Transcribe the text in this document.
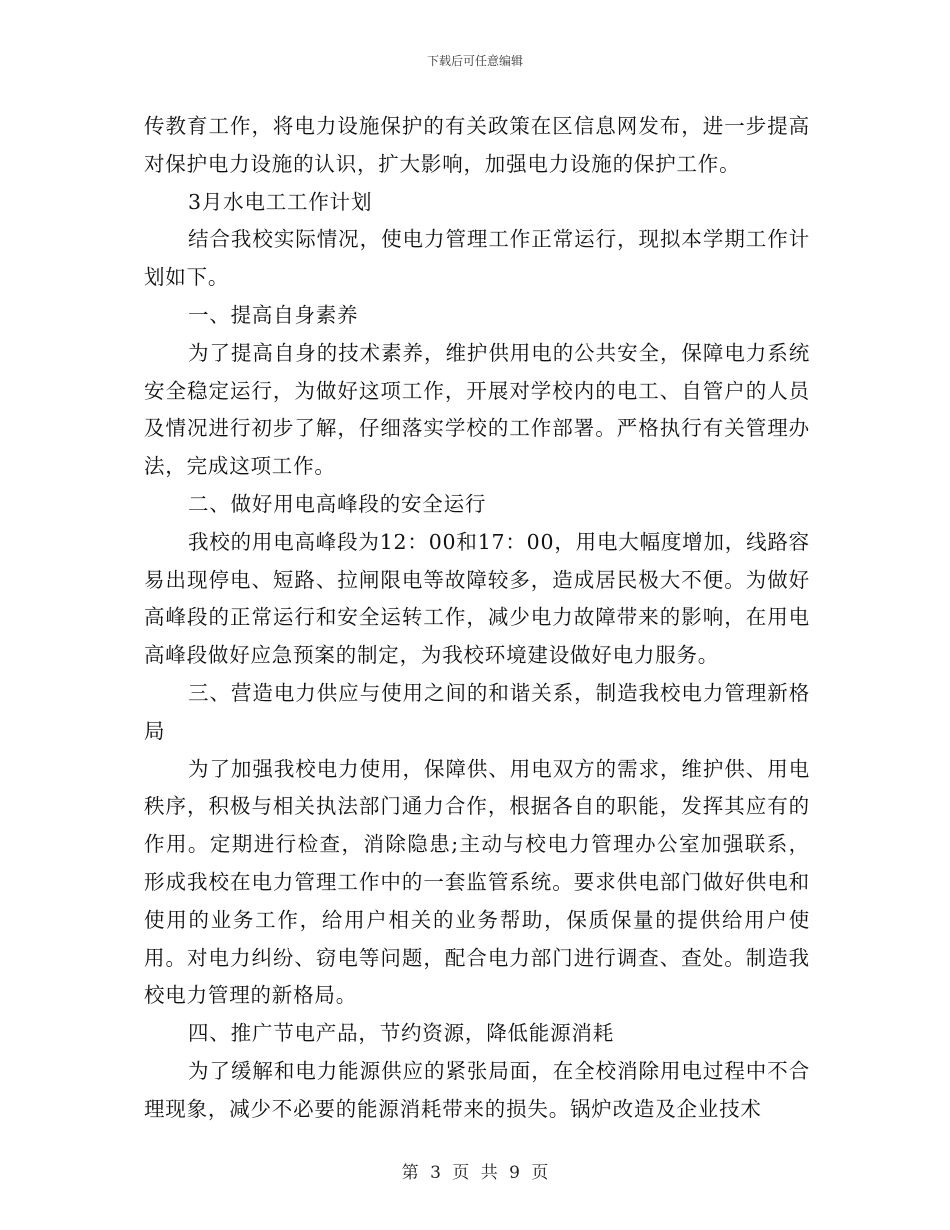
下载后可任意编辑

传教育工作，将电力设施保护的有关政策在区信息网发布，进一步提高对保护电力设施的认识，扩大影响，加强电力设施的保护工作。

3月水电工工作计划

结合我校实际情况，使电力管理工作正常运行，现拟本学期工作计划如下。

一、提高自身素养

为了提高自身的技术素养，维护供用电的公共安全，保障电力系统安全稳定运行，为做好这项工作，开展对学校内的电工、自管户的人员及情况进行初步了解，仔细落实学校的工作部署。严格执行有关管理办法，完成这项工作。

二、做好用电高峰段的安全运行

我校的用电高峰段为12：00和17：00，用电大幅度增加，线路容易出现停电、短路、拉闸限电等故障较多，造成居民极大不便。为做好高峰段的正常运行和安全运转工作，减少电力故障带来的影响，在用电高峰段做好应急预案的制定，为我校环境建设做好电力服务。

三、营造电力供应与使用之间的和谐关系，制造我校电力管理新格局

为了加强我校电力使用，保障供、用电双方的需求，维护供、用电秩序，积极与相关执法部门通力合作，根据各自的职能，发挥其应有的作用。定期进行检查，消除隐患;主动与校电力管理办公室加强联系，形成我校在电力管理工作中的一套监管系统。要求供电部门做好供电和使用的业务工作，给用户相关的业务帮助，保质保量的提供给用户使用。对电力纠纷、窃电等问题，配合电力部门进行调查、查处。制造我校电力管理的新格局。

四、推广节电产品，节约资源，降低能源消耗

为了缓解和电力能源供应的紧张局面，在全校消除用电过程中不合理现象，减少不必要的能源消耗带来的损失。锅炉改造及企业技术

第 3 页 共 9 页
